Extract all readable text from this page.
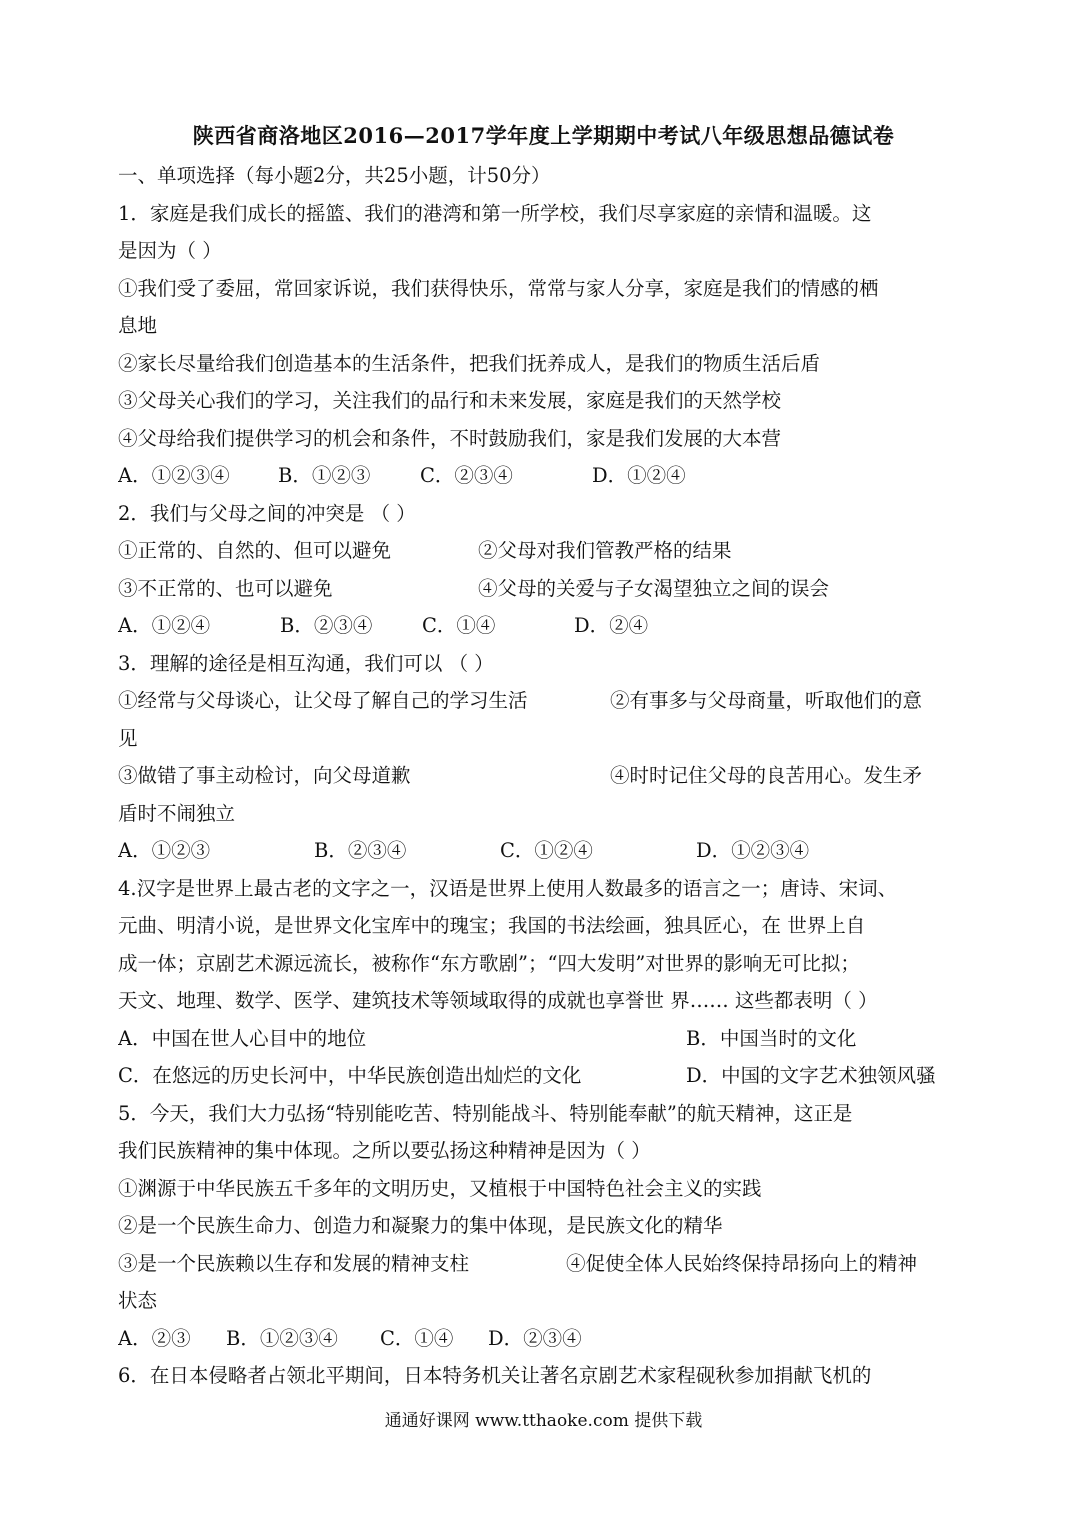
陕西省商洛地区2016—2017学年度上学期期中考试八年级思想品德试卷
一、单项选择（每小题2分，共25小题，计50分）
1．家庭是我们成长的摇篮、我们的港湾和第一所学校，我们尽享家庭的亲情和温暖。这
是因为（ ）
①我们受了委屈，常回家诉说，我们获得快乐，常常与家人分享，家庭是我们的情感的栖
息地
②家长尽量给我们创造基本的生活条件，把我们抚养成人，是我们的物质生活后盾
③父母关心我们的学习，关注我们的品行和未来发展，家庭是我们的天然学校
④父母给我们提供学习的机会和条件，不时鼓励我们，家是我们发展的大本营
A．①②③④	B．①②③	C．②③④	D．①②④
2．我们与父母之间的冲突是 （ ）
①正常的、自然的、但可以避免	②父母对我们管教严格的结果
③不正常的、也可以避免	④父母的关爱与子女渴望独立之间的误会
A．①②④	B．②③④	C．①④	D．②④
3．理解的途径是相互沟通，我们可以 （ ）
①经常与父母谈心，让父母了解自己的学习生活	②有事多与父母商量，听取他们的意
见
③做错了事主动检讨，向父母道歉	④时时记住父母的良苦用心。发生矛
盾时不闹独立
A．①②③	B．②③④	C．①②④	D．①②③④
4.汉字是世界上最古老的文字之一，汉语是世界上使用人数最多的语言之一；唐诗、宋词、
元曲、明清小说，是世界文化宝库中的瑰宝；我国的书法绘画，独具匠心，在 世界上自
成一体；京剧艺术源远流长，被称作“东方歌剧”；“四大发明”对世界的影响无可比拟；
天文、地理、数学、医学、建筑技术等领域取得的成就也享誉世 界…… 这些都表明（ ）
A．中国在世人心目中的地位	B．中国当时的文化
C．在悠远的历史长河中，中华民族创造出灿烂的文化	D．中国的文字艺术独领风骚
5．今天，我们大力弘扬“特别能吃苦、特别能战斗、特别能奉献”的航天精神，这正是
我们民族精神的集中体现。之所以要弘扬这种精神是因为（ ）
①渊源于中华民族五千多年的文明历史，又植根于中国特色社会主义的实践
②是一个民族生命力、创造力和凝聚力的集中体现，是民族文化的精华
③是一个民族赖以生存和发展的精神支柱	④促使全体人民始终保持昂扬向上的精神
状态
A．②③	B．①②③④	C．①④	D．②③④
6．在日本侵略者占领北平期间，日本特务机关让著名京剧艺术家程砚秋参加捐献飞机的
通通好课网 www.tthaoke.com 提供下载
